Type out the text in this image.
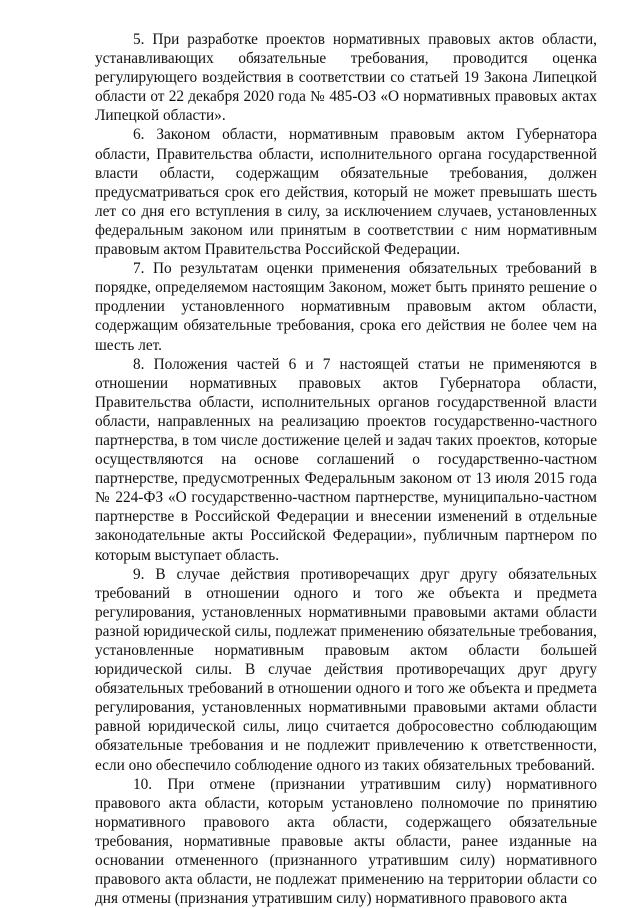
5. При разработке проектов нормативных правовых актов области, устанавливающих обязательные требования, проводится оценка регулирующего воздействия в соответствии со статьей 19 Закона Липецкой области от 22 декабря 2020 года № 485-ОЗ «О нормативных правовых актах Липецкой области».

6. Законом области, нормативным правовым актом Губернатора области, Правительства области, исполнительного органа государственной власти области, содержащим обязательные требования, должен предусматриваться срок его действия, который не может превышать шесть лет со дня его вступления в силу, за исключением случаев, установленных федеральным законом или принятым в соответствии с ним нормативным правовым актом Правительства Российской Федерации.

7. По результатам оценки применения обязательных требований в порядке, определяемом настоящим Законом, может быть принято решение о продлении установленного нормативным правовым актом области, содержащим обязательные требования, срока его действия не более чем на шесть лет.

8. Положения частей 6 и 7 настоящей статьи не применяются в отношении нормативных правовых актов Губернатора области, Правительства области, исполнительных органов государственной власти области, направленных на реализацию проектов государственно-частного партнерства, в том числе достижение целей и задач таких проектов, которые осуществляются на основе соглашений о государственно-частном партнерстве, предусмотренных Федеральным законом от 13 июля 2015 года № 224-ФЗ «О государственно-частном партнерстве, муниципально-частном партнерстве в Российской Федерации и внесении изменений в отдельные законодательные акты Российской Федерации», публичным партнером по которым выступает область.

9. В случае действия противоречащих друг другу обязательных требований в отношении одного и того же объекта и предмета регулирования, установленных нормативными правовыми актами области разной юридической силы, подлежат применению обязательные требования, установленные нормативным правовым актом области большей юридической силы. В случае действия противоречащих друг другу обязательных требований в отношении одного и того же объекта и предмета регулирования, установленных нормативными правовыми актами области равной юридической силы, лицо считается добросовестно соблюдающим обязательные требования и не подлежит привлечению к ответственности, если оно обеспечило соблюдение одного из таких обязательных требований.

10. При отмене (признании утратившим силу) нормативного правового акта области, которым установлено полномочие по принятию нормативного правового акта области, содержащего обязательные требования, нормативные правовые акты области, ранее изданные на основании отмененного (признанного утратившим силу) нормативного правового акта области, не подлежат применению на территории области со дня отмены (признания утратившим силу) нормативного правового акта
